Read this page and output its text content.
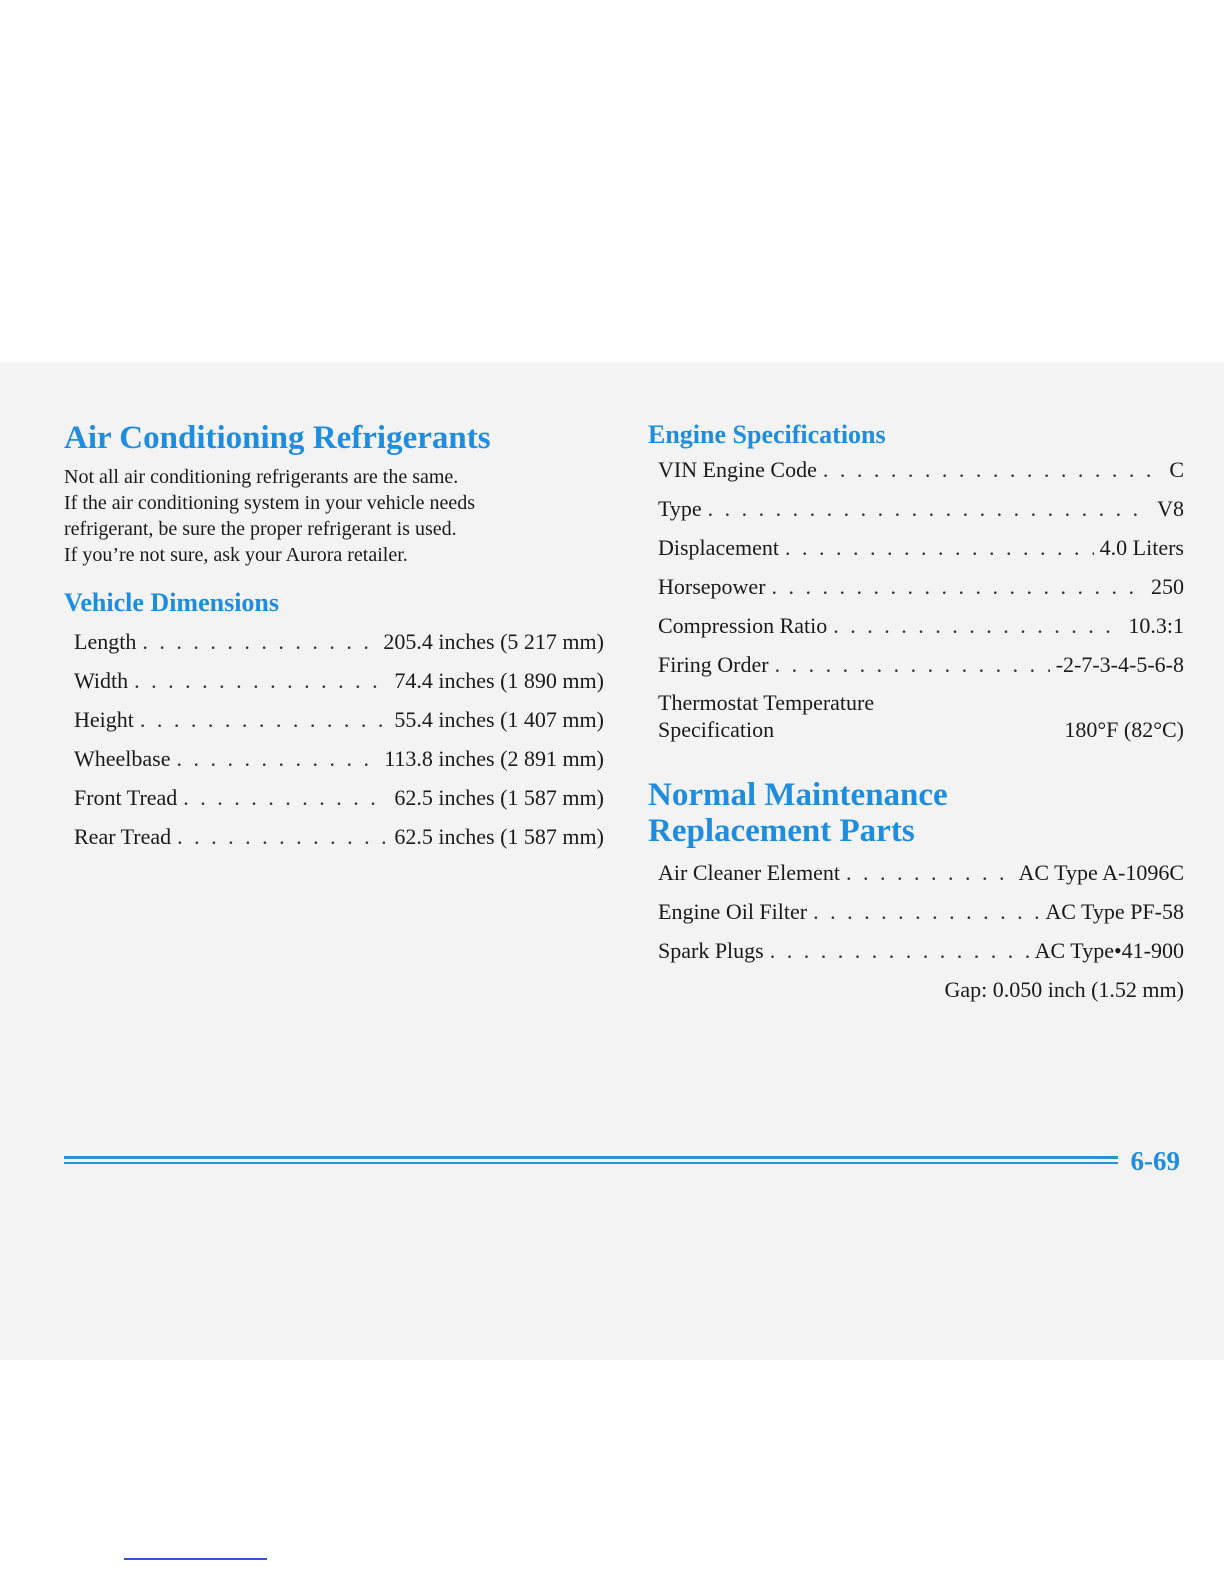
Air Conditioning Refrigerants

Not all air conditioning refrigerants are the same.

If the air conditioning system in your vehicle needs

refrigerant, be sure the proper refrigerant is used.

If you’re not sure, ask your Aurora retailer.

Vehicle Dimensions
Length . . .	205.4 inches (5 217 mm)
Width . . .	74.4 inches (1 890 mm)
Height . . .	55.4 inches (1 407 mm)
Wheelbase . . .	113.8 inches (2 891 mm)
Front Tread . . .	62.5 inches (1 587 mm)
Rear Tread . . .	62.5 inches (1 587 mm)
Engine Specifications
VIN Engine Code . . .	C
Type . . .	V8
Displacement . . .	4.0 Liters
Horsepower . . .	250
Compression Ratio . . .	10.3:1
Firing Order . . .	-2-7-3-4-5-6-8
Thermostat Temperature
Specification	180°F (82°C)
Normal Maintenance
Replacement Parts
Air Cleaner Element . . .	AC Type A-1096C
Engine Oil Filter . . .	AC Type PF-58
Spark Plugs . . .	AC Type•41-900
Gap: 0.050 inch (1.52 mm)
6-69
